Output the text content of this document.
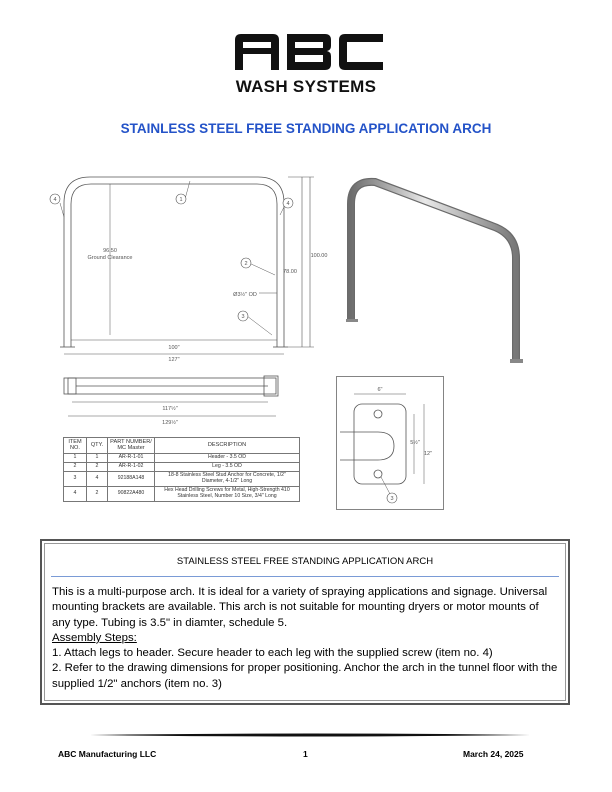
WASH SYSTEMS
STAINLESS STEEL FREE STANDING APPLICATION ARCH
4	1
4
2
3
96.50
Ground Clearance	100.00
78.00
Ø3½" OD
100"
127"
117½"
129½"
6"
5½"
12"
3
ITEM NO.	QTY.	PART NUMBER/ MC Master	DESCRIPTION
1	1	AR-R-1-01	Header - 3.5 OD
2	2	AR-R-1-02	Leg - 3.5 OD
3	4	92188A148	18-8 Stainless Steel Stud Anchor for Concrete, 1/2" Diameter, 4-1/2" Long
4	2	90822A480	Hex Head Drilling Screws for Metal, High-Strength 410 Stainless Steel, Number 10 Size, 3/4" Long
STAINLESS STEEL FREE STANDING APPLICATION ARCH

This is a multi-purpose arch. It is ideal for a variety of spraying applications and signage. Universal mounting brackets are available. This arch is not suitable for mounting dryers or motor mounts of any type. Tubing is 3.5" in diamter, schedule 5.

Assembly Steps:

1. Attach legs to header. Secure header to each leg with the supplied screw (item no. 4)

2. Refer to the drawing dimensions for proper positioning. Anchor the arch in the tunnel floor with the supplied 1/2" anchors (item no. 3)

ABC Manufacturing LLC	1	March 24, 2025
